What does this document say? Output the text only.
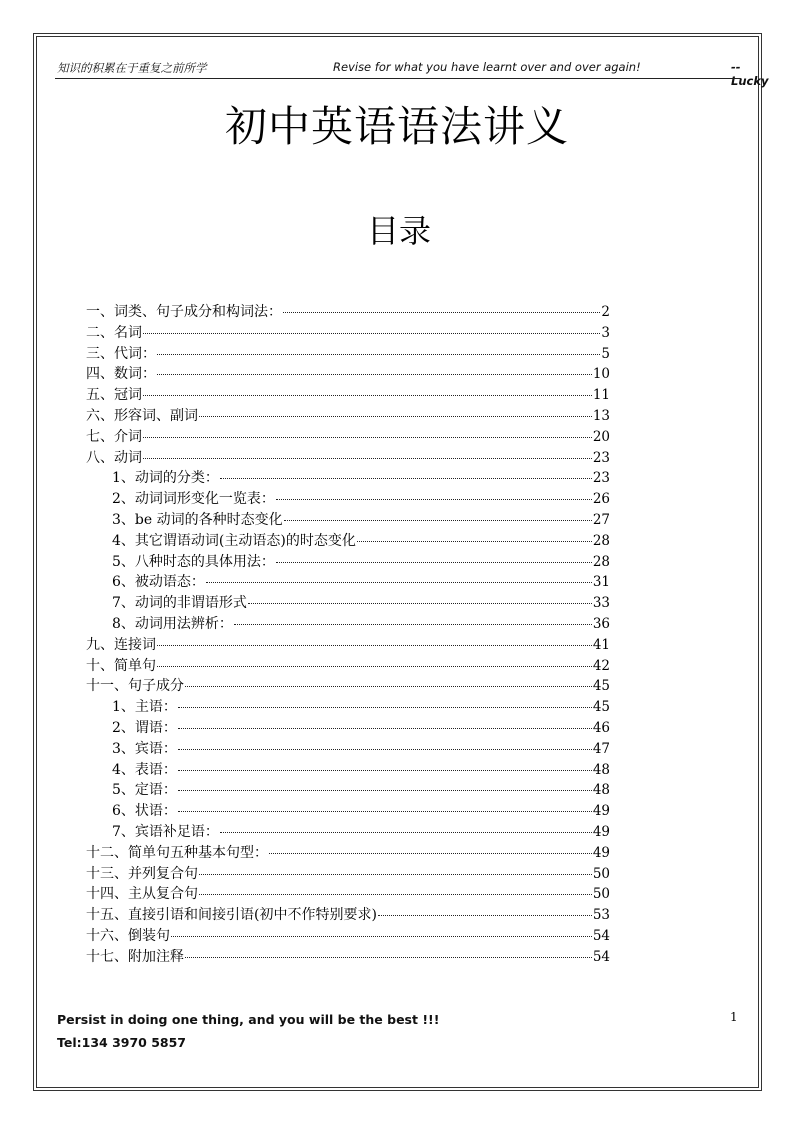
知识的积累在于重复之前所学	Revise for what you have learnt over and over again!	--Lucky
初中英语语法讲义
目录
一、词类、句子成分和构词法：	2
二、名词	3
三、代词：	5
四、数词：	10
五、冠词	11
六、形容词、副词	13
七、介词	20
八、动词	23
1、动词的分类：	23
2、动词词形变化一览表：	26
3、be 动词的各种时态变化	27
4、其它谓语动词(主动语态)的时态变化	28
5、八种时态的具体用法：	28
6、被动语态：	31
7、动词的非谓语形式	33
8、动词用法辨析：	36
九、连接词	41
十、简单句	42
十一、句子成分	45
1、主语：	45
2、谓语：	46
3、宾语：	47
4、表语：	48
5、定语：	48
6、状语：	49
7、宾语补足语：	49
十二、简单句五种基本句型：	49
十三、并列复合句	50
十四、主从复合句	50
十五、直接引语和间接引语(初中不作特别要求)	53
十六、倒装句	54
十七、附加注释	54
1
Persist in doing one thing, and you will be the best !!!
Tel:134 3970 5857
